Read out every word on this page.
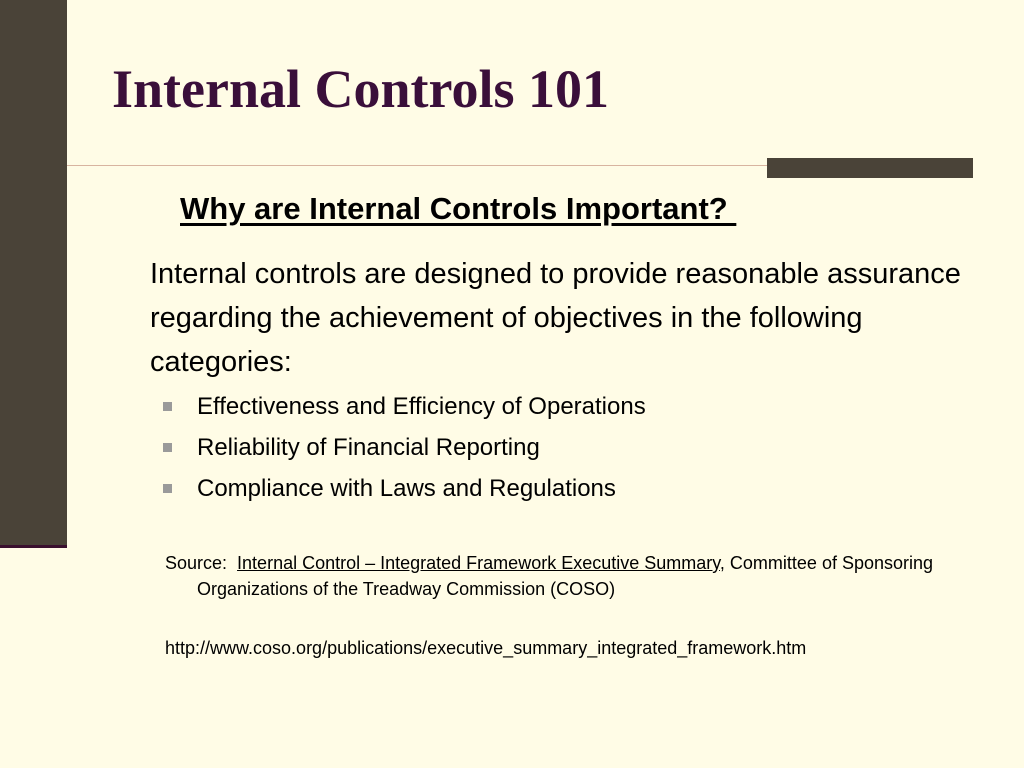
Internal Controls 101
Why are Internal Controls Important?

Internal controls are designed to provide reasonable assurance regarding the achievement of objectives in the following categories:

Effectiveness and Efficiency of Operations
Reliability of Financial Reporting
Compliance with Laws and Regulations

Source:  Internal Control – Integrated Framework Executive Summary, Committee of Sponsoring Organizations of the Treadway Commission (COSO)

http://www.coso.org/publications/executive_summary_integrated_framework.htm
